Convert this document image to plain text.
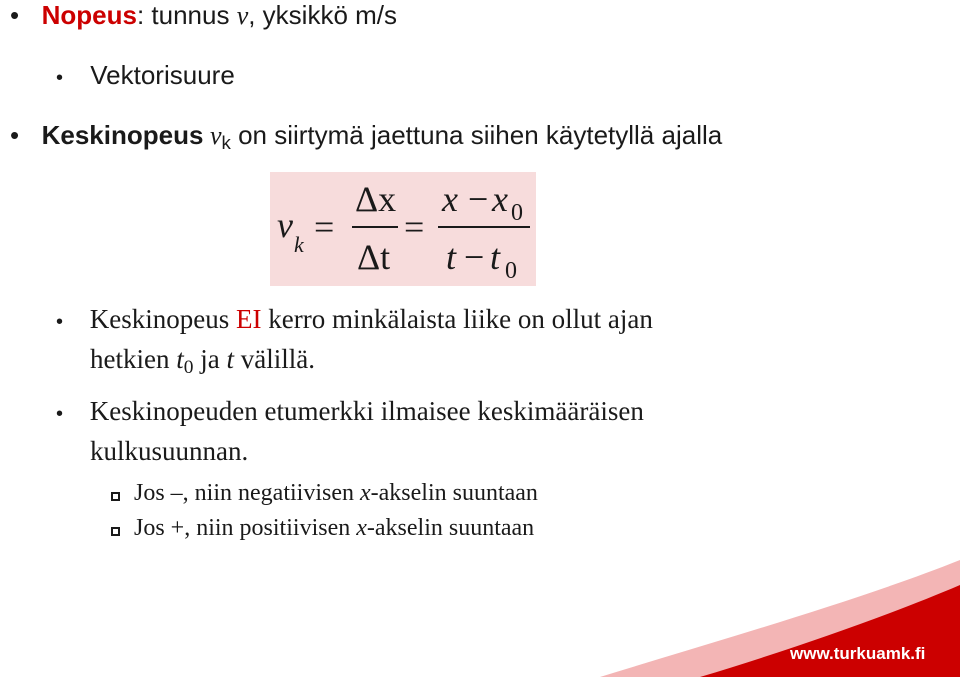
• Nopeus: tunnus v, yksikkö m/s
• Vektorisuure
• Keskinopeus $v_k$ on siirtymä jaettuna siihen käytetyllä ajalla
v k =
Δx
Δt
=
x − x 0
t − t 0
• Keskinopeus EI kerro minkälaista liike on ollut ajan
hetkien $t_0$ ja t välillä.
• Keskinopeuden etumerkki ilmaisee keskimääräisen
kulkusuunnan.
Jos –, niin negatiivisen x-akselin suuntaan
Jos +, niin positiivisen x-akselin suuntaan
www.turkuamk.fi
